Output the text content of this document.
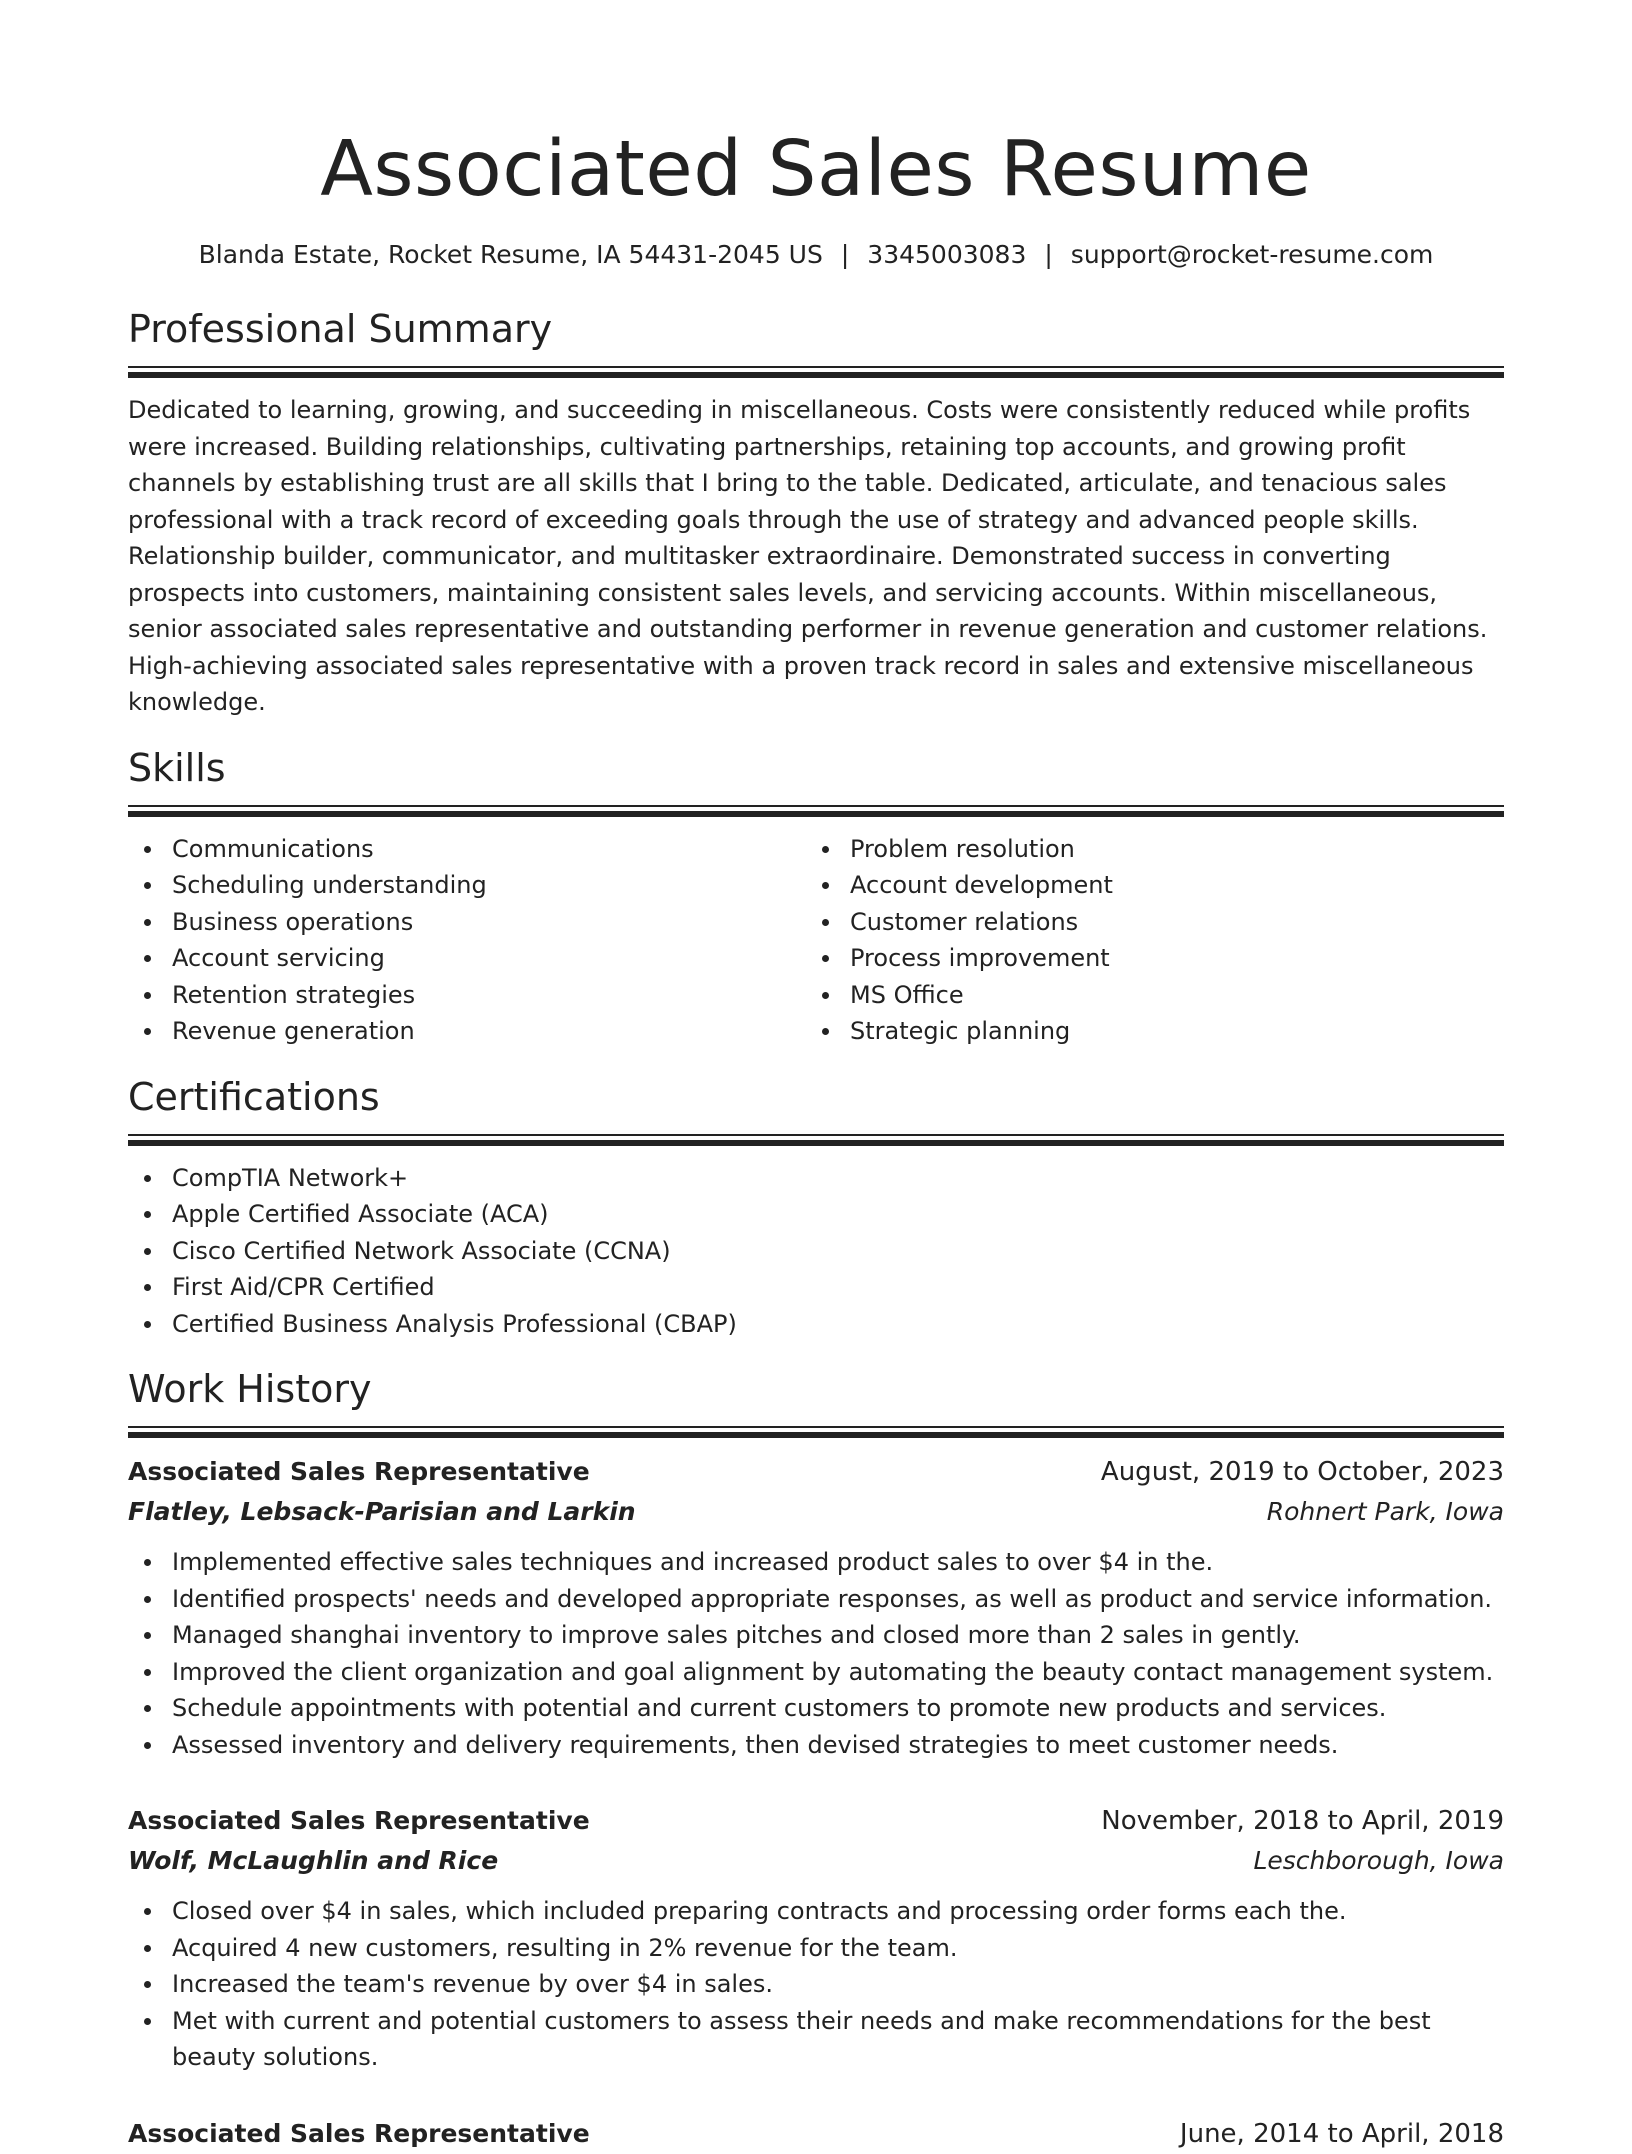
Associated Sales Resume
Blanda Estate, Rocket Resume, IA 54431-2045 US | 3345003083 | support@rocket-resume.com
Professional Summary

Dedicated to learning, growing, and succeeding in miscellaneous. Costs were consistently reduced while profits were increased. Building relationships, cultivating partnerships, retaining top accounts, and growing profit channels by establishing trust are all skills that I bring to the table. Dedicated, articulate, and tenacious sales professional with a track record of exceeding goals through the use of strategy and advanced people skills. Relationship builder, communicator, and multitasker extraordinaire. Demonstrated success in converting prospects into customers, maintaining consistent sales levels, and servicing accounts. Within miscellaneous, senior associated sales representative and outstanding performer in revenue generation and customer relations. High-achieving associated sales representative with a proven track record in sales and extensive miscellaneous knowledge.

Skills
Communications
Scheduling understanding
Business operations
Account servicing
Retention strategies
Revenue generation
Problem resolution
Account development
Customer relations
Process improvement
MS Office
Strategic planning
Certifications
CompTIA Network+
Apple Certified Associate (ACA)
Cisco Certified Network Associate (CCNA)
First Aid/CPR Certified
Certified Business Analysis Professional (CBAP)
Work History
Associated Sales Representative	August, 2019 to October, 2023
Flatley, Lebsack-Parisian and Larkin	Rohnert Park, Iowa
Implemented effective sales techniques and increased product sales to over $4 in the.
Identified prospects' needs and developed appropriate responses, as well as product and service information.
Managed shanghai inventory to improve sales pitches and closed more than 2 sales in gently.
Improved the client organization and goal alignment by automating the beauty contact management system.
Schedule appointments with potential and current customers to promote new products and services.
Assessed inventory and delivery requirements, then devised strategies to meet customer needs.
Associated Sales Representative	November, 2018 to April, 2019
Wolf, McLaughlin and Rice	Leschborough, Iowa
Closed over $4 in sales, which included preparing contracts and processing order forms each the.
Acquired 4 new customers, resulting in 2% revenue for the team.
Increased the team's revenue by over $4 in sales.
Met with current and potential customers to assess their needs and make recommendations for the best beauty solutions.
Associated Sales Representative	June, 2014 to April, 2018
